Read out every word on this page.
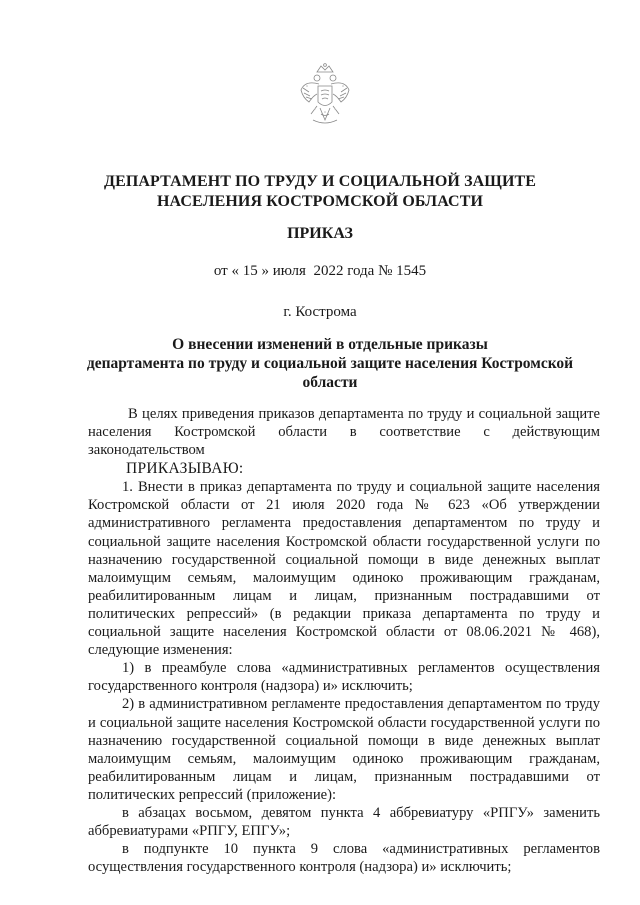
ДЕПАРТАМЕНТ ПО ТРУДУ И СОЦИАЛЬНОЙ ЗАЩИТЕ
НАСЕЛЕНИЯ КОСТРОМСКОЙ ОБЛАСТИ
ПРИКАЗ
от « 15 » июля  2022 года № 1545
г. Кострома
О внесении изменений в отдельные приказы
департамента по труду и социальной защите населения Костромской
области

В целях приведения приказов департамента по труду и социальной защите населения Костромской области в соответствие с действующим законодательством

ПРИКАЗЫВАЮ:

1. Внести в приказ департамента по труду и социальной защите населения Костромской области от 21 июля 2020 года № 623 «Об утверждении административного регламента предоставления департаментом по труду и социальной защите населения Костромской области государственной услуги по назначению государственной социальной помощи в виде денежных выплат малоимущим семьям, малоимущим одиноко проживающим гражданам, реабилитированным лицам и лицам, признанным пострадавшими от политических репрессий» (в редакции приказа департамента по труду и социальной защите населения Костромской области от 08.06.2021 № 468), следующие изменения:

1) в преамбуле слова «административных регламентов осуществления государственного контроля (надзора) и» исключить;

2) в административном регламенте предоставления департаментом по труду и социальной защите населения Костромской области государственной услуги по назначению государственной социальной помощи в виде денежных выплат малоимущим семьям, малоимущим одиноко проживающим гражданам, реабилитированным лицам и лицам, признанным пострадавшими от политических репрессий (приложение):

в абзацах восьмом, девятом пункта 4 аббревиатуру «РПГУ» заменить аббревиатурами «РПГУ, ЕПГУ»;

в подпункте 10 пункта 9 слова «административных регламентов осуществления государственного контроля (надзора) и» исключить;
